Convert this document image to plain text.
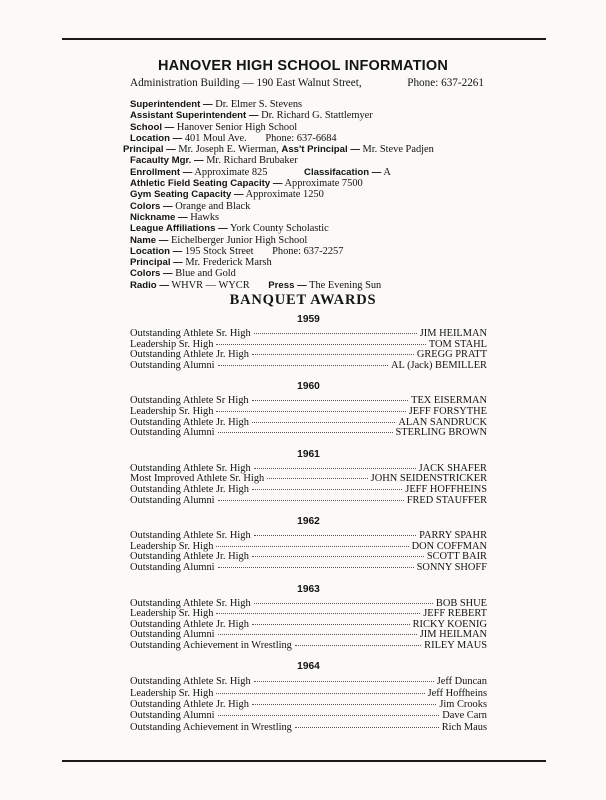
HANOVER HIGH SCHOOL INFORMATION
Administration Building — 190 East Walnut Street,	Phone: 637-2261
Superintendent — Dr. Elmer S. Stevens
Assistant Superintendent — Dr. Richard G. Stattlemyer
School — Hanover Senior High School
Location — 401 Moul Ave. Phone: 637-6684
Principal — Mr. Joseph E. Wierman, Ass't Principal — Mr. Steve Padjen
Facaulty Mgr. — Mr. Richard Brubaker
Enrollment — Approximate 825	Classifacation — A
Athletic Field Seating Capacity — Approximate 7500
Gym Seating Capacity — Approximate 1250
Colors — Orange and Black
Nickname — Hawks
League Affiliations — York County Scholastic
Name — Eichelberger Junior High School
Location — 195 Stock Street Phone: 637-2257
Principal — Mr. Frederick Marsh
Colors — Blue and Gold
Radio — WHVR — WYCR Press — The Evening Sun
BANQUET AWARDS
1959
Outstanding Athlete Sr. High	JIM HEILMAN
Leadership Sr. High	TOM STAHL
Outstanding Athlete Jr. High	GREGG PRATT
Outstanding Alumni	AL (Jack) BEMILLER
1960
Outstanding Athlete Sr High	TEX EISERMAN
Leadership Sr. High	JEFF FORSYTHE
Outstanding Athlete Jr. High	ALAN SANDRUCK
Outstanding Alumni	STERLING BROWN
1961
Outstanding Athlete Sr. High	JACK SHAFER
Most Improved Athlete Sr. High	JOHN SEIDENSTRICKER
Outstanding Athlete Jr. High	JEFF HOFFHEINS
Outstanding Alumni	FRED STAUFFER
1962
Outstanding Athlete Sr. High	PARRY SPAHR
Leadership Sr. High	DON COFFMAN
Outstanding Athlete Jr. High	SCOTT BAIR
Outstanding Alumni	SONNY SHOFF
1963
Outstanding Athlete Sr. High	BOB SHUE
Leadership Sr. High	JEFF REBERT
Outstanding Athlete Jr. High	RICKY KOENIG
Outstanding Alumni	JIM HEILMAN
Outstanding Achievement in Wrestling	RILEY MAUS
1964
Outstanding Athlete Sr. High	Jeff Duncan
Leadership Sr. High	Jeff Hoffheins
Outstanding Athlete Jr. High	Jim Crooks
Outstanding Alumni	Dave Carn
Outstanding Achievement in Wrestling	Rich Maus
